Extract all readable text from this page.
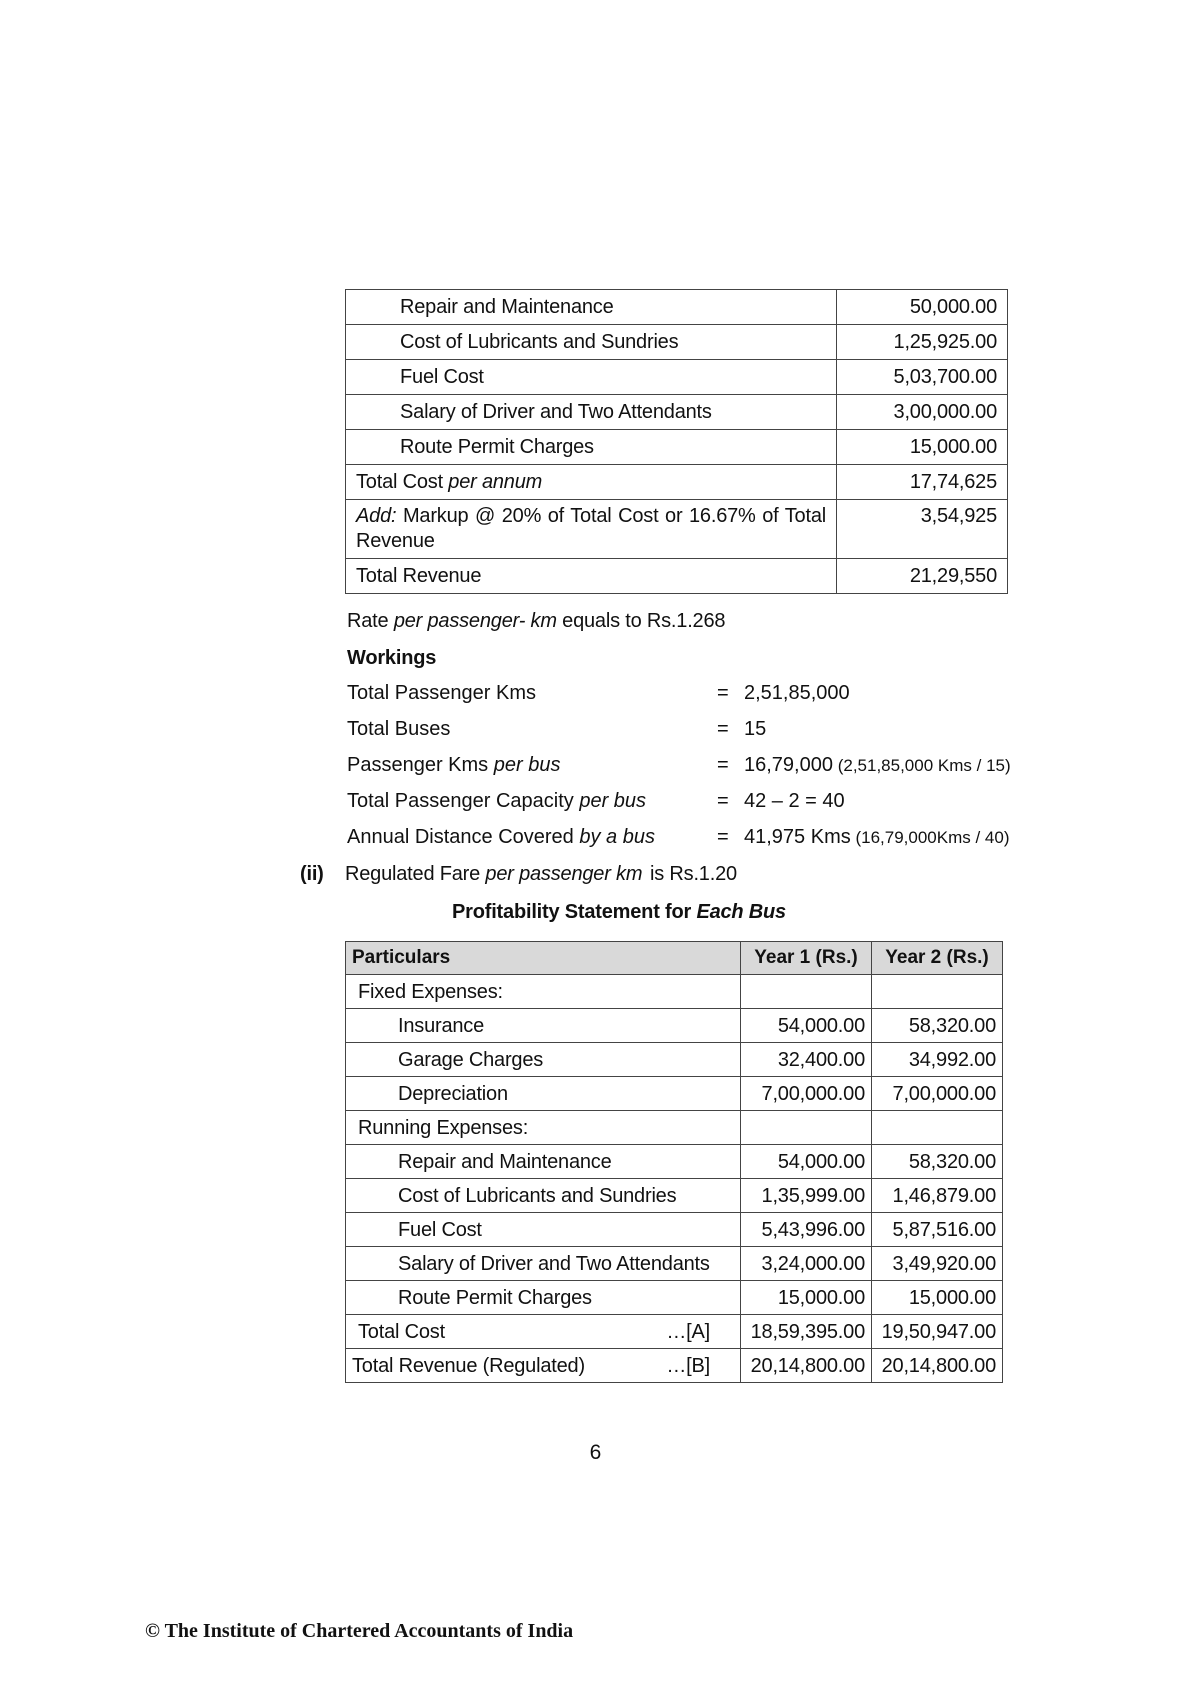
Repair and Maintenance	50,000.00
Cost of Lubricants and Sundries	1,25,925.00
Fuel Cost	5,03,700.00
Salary of Driver and Two Attendants	3,00,000.00
Route Permit Charges	15,000.00
Total Cost per annum	17,74,625
Add: Markup @ 20% of Total Cost or 16.67% of Total Revenue	3,54,925
Total Revenue	21,29,550
Rate per passenger- km equals to Rs.1.268
Workings
Total Passenger Kms	= 2,51,85,000
Total Buses	= 15
Passenger Kms per bus	= 16,79,000 (2,51,85,000 Kms / 15)
Total Passenger Capacity per bus	= 42 – 2 = 40
Annual Distance Covered by a bus	= 41,975 Kms (16,79,000Kms / 40)
(ii) Regulated Fare per passenger km is Rs.1.20
Profitability Statement for Each Bus
Particulars	Year 1 (Rs.)	Year 2 (Rs.)
Fixed Expenses:		
Insurance	54,000.00	58,320.00
Garage Charges	32,400.00	34,992.00
Depreciation	7,00,000.00	7,00,000.00
Running Expenses:		
Repair and Maintenance	54,000.00	58,320.00
Cost of Lubricants and Sundries	1,35,999.00	1,46,879.00
Fuel Cost	5,43,996.00	5,87,516.00
Salary of Driver and Two Attendants	3,24,000.00	3,49,920.00
Route Permit Charges	15,000.00	15,000.00
Total Cost …[A]	18,59,395.00	19,50,947.00
Total Revenue (Regulated) …[B]	20,14,800.00	20,14,800.00
6
© The Institute of Chartered Accountants of India
